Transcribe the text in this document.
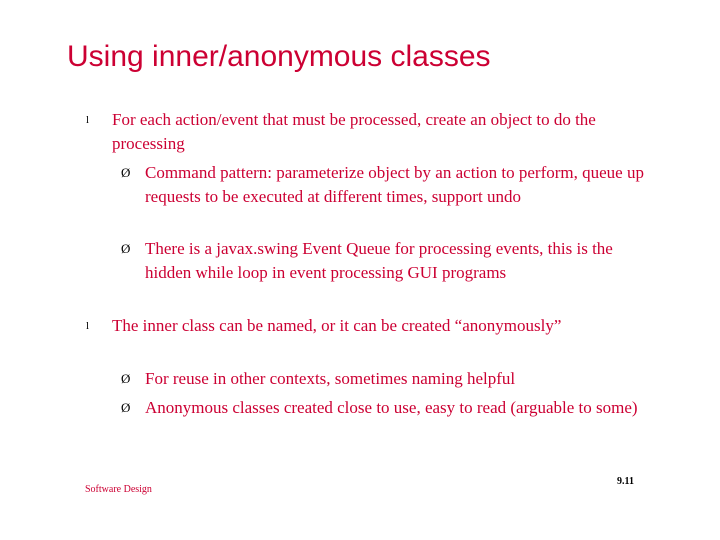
Using inner/anonymous classes
l For each action/event that must be processed, create an object to do the processing
Ø Command pattern: parameterize object by an action to perform, queue up requests to be executed at different times, support undo
Ø There is a javax.swing Event Queue for processing events, this is the hidden while loop in event processing GUI programs
l The inner class can be named, or it can be created “anonymously”
Ø For reuse in other contexts, sometimes naming helpful
Ø Anonymous classes created close to use, easy to read (arguable to some)
Software Design
9.11
